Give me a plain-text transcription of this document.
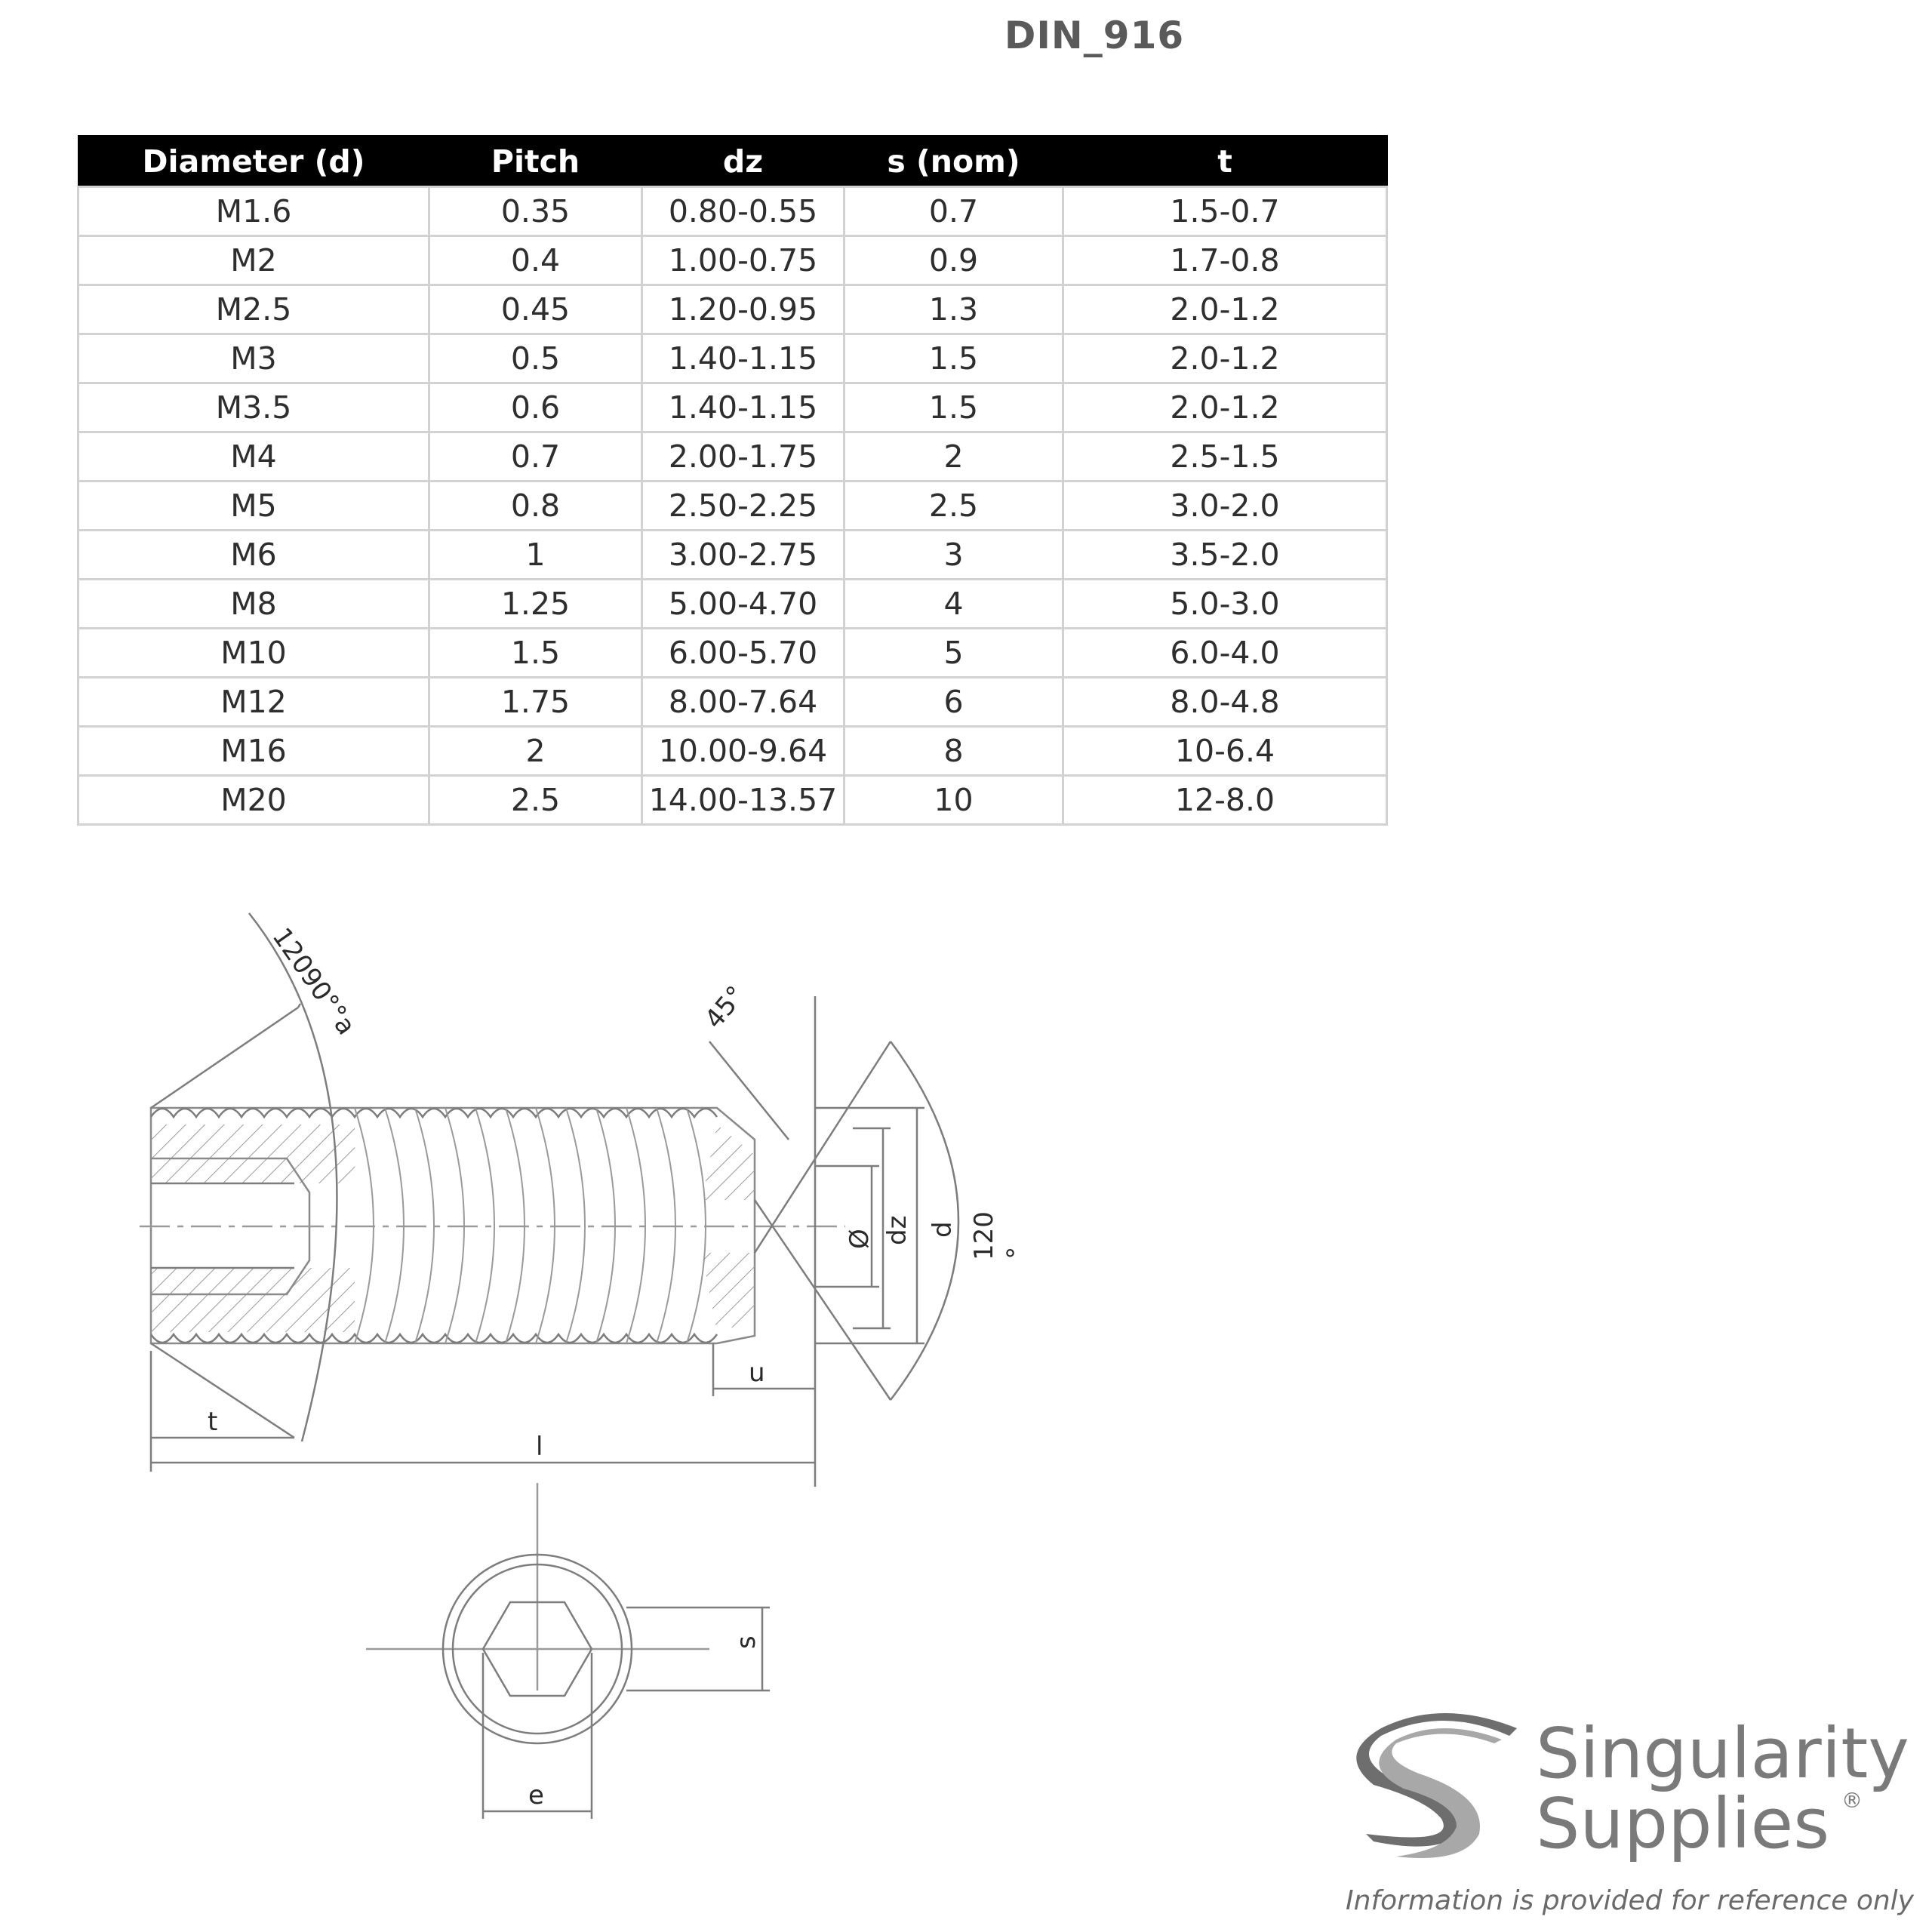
DIN_916
Diameter (d)	Pitch	dz	s (nom)	t
M1.6	0.35	0.80-0.55	0.7	1.5-0.7
M2	0.4	1.00-0.75	0.9	1.7-0.8
M2.5	0.45	1.20-0.95	1.3	2.0-1.2
M3	0.5	1.40-1.15	1.5	2.0-1.2
M3.5	0.6	1.40-1.15	1.5	2.0-1.2
M4	0.7	2.00-1.75	2	2.5-1.5
M5	0.8	2.50-2.25	2.5	3.0-2.0
M6	1	3.00-2.75	3	3.5-2.0
M8	1.25	5.00-4.70	4	5.0-3.0
M10	1.5	6.00-5.70	5	6.0-4.0
M12	1.75	8.00-7.64	6	8.0-4.8
M16	2	10.00-9.64	8	10-6.4
M20	2.5	14.00-13.57	10	12-8.0
12090°°a	45°
Ø dz d 120 °
u
t
l
s
e
Singularity
Supplies ®
Information is provided for reference only
